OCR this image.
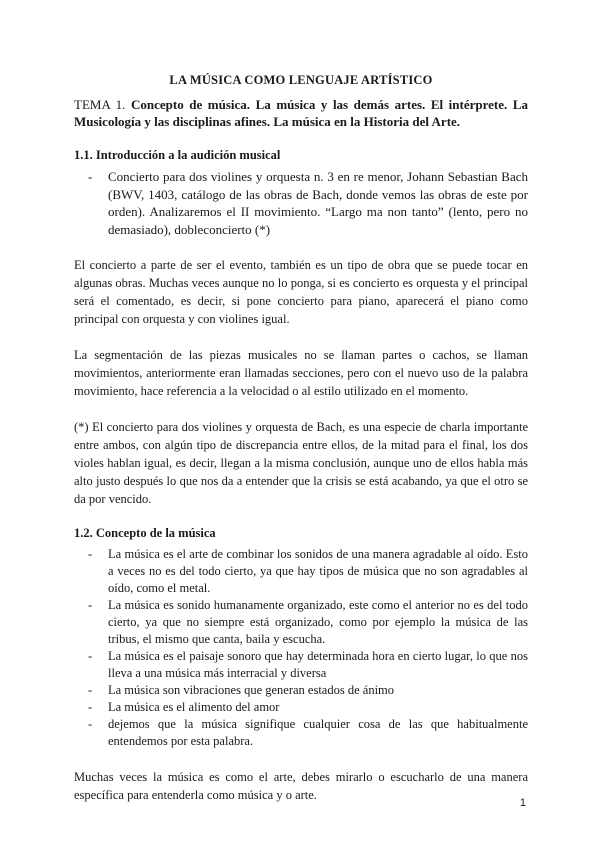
LA MÚSICA COMO LENGUAJE ARTÍSTICO
TEMA 1. Concepto de música. La música y las demás artes. El intérprete. La Musicología y las disciplinas afines. La música en la Historia del Arte.
1.1. Introducción a la audición musical
- Concierto para dos violines y orquesta n. 3 en re menor, Johann Sebastian Bach (BWV, 1403, catálogo de las obras de Bach, donde vemos las obras de este por orden). Analizaremos el II movimiento. “Largo ma non tanto” (lento, pero no demasiado), dobleconcierto (*)

El concierto a parte de ser el evento, también es un tipo de obra que se puede tocar en algunas obras. Muchas veces aunque no lo ponga, si es concierto es orquesta y el principal será el comentado, es decir, si pone concierto para piano, aparecerá el piano como principal con orquesta y con violines igual.

La segmentación de las piezas musicales no se llaman partes o cachos, se llaman movimientos, anteriormente eran llamadas secciones, pero con el nuevo uso de la palabra movimiento, hace referencia a la velocidad o al estilo utilizado en el momento.

(*) El concierto para dos violines y orquesta de Bach, es una especie de charla importante entre ambos, con algún tipo de discrepancia entre ellos, de la mitad para el final, los dos violes hablan igual, es decir, llegan a la misma conclusión, aunque uno de ellos habla más alto justo después lo que nos da a entender que la crisis se está acabando, ya que el otro se da por vencido.

1.2. Concepto de la música
- La música es el arte de combinar los sonidos de una manera agradable al oído. Esto a veces no es del todo cierto, ya que hay tipos de música que no son agradables al oído, como el metal.
- La música es sonido humanamente organizado, este como el anterior no es del todo cierto, ya que no siempre está organizado, como por ejemplo la música de las tribus, el mismo que canta, baila y escucha.
- La música es el paisaje sonoro que hay determinada hora en cierto lugar, lo que nos lleva a una música más interracial y diversa
- La música son vibraciones que generan estados de ánimo
- La música es el alimento del amor
- dejemos que la música signifique cualquier cosa de las que habitualmente entendemos por esta palabra.

Muchas veces la música es como el arte, debes mirarlo o escucharlo de una manera específica para entenderla como música y o arte.

1
